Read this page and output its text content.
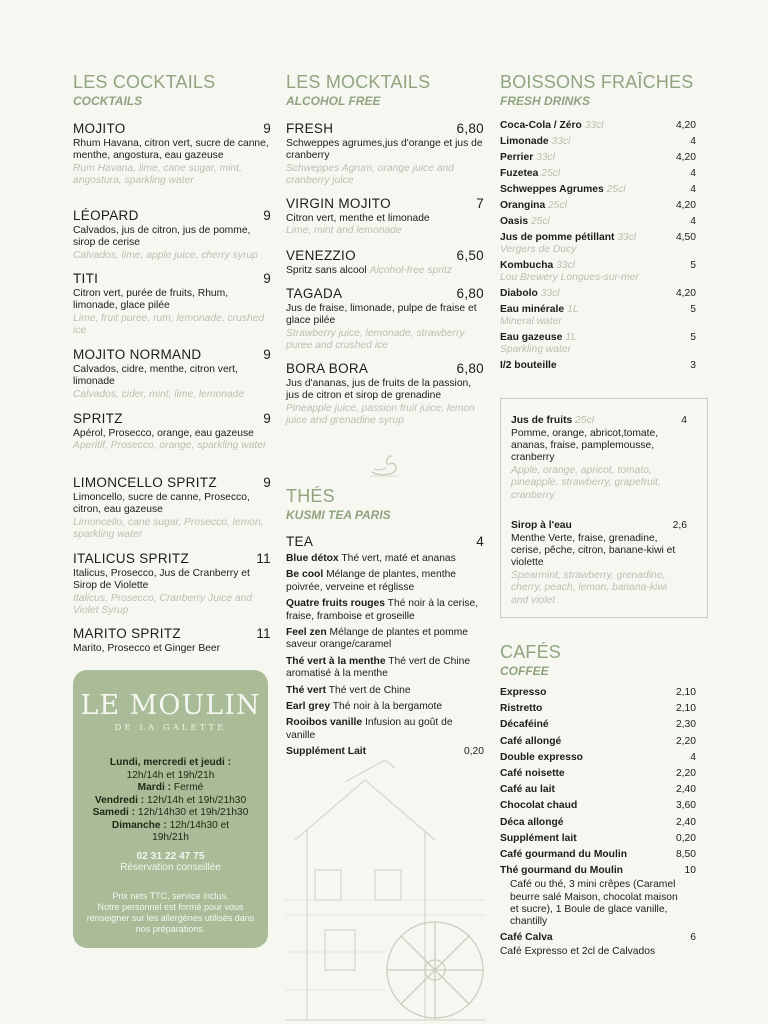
LES COCKTAILS
COCKTAILS
MOJITO	9
Rhum Havana, citron vert, sucre de canne, menthe, angostura, eau gazeuse
Rum Havana, lime, cane sugar, mint, angostura, sparkling water
LÉOPARD	9
Calvados, jus de citron, jus de pomme, sirop de cerise
Calvados, lime, apple juice, cherry syrup
TITI	9
Citron vert, purée de fruits, Rhum, limonade, glace pilée
Lime, fruit puree, rum, lemonade, crushed ice
MOJITO NORMAND	9
Calvados, cidre, menthe, citron vert, limonade
Calvados, cider, mint, lime, lemonade
SPRITZ	9
Apérol, Prosecco, orange, eau gazeuse
Aperitif, Prosecco, orange, sparkling water
LIMONCELLO SPRITZ	9
Limoncello, sucre de canne, Prosecco, citron, eau gazeuse
Limoncello, cane sugar, Prosecco, lemon, sparkling water
ITALICUS SPRITZ	11
Italicus, Prosecco, Jus de Cranberry et Sirop de Violette
Italicus, Prosecco, Cranberry Juice and Violet Syrup
MARITO SPRITZ	11
Marito, Prosecco et Ginger Beer
LES MOCKTAILS
ALCOHOL FREE
FRESH	6,80
Schweppes agrumes,jus d'orange et jus de cranberry
Schweppes Agrum, orange juice and cranberry juice
VIRGIN MOJITO	7
Citron vert, menthe et limonade
Lime, mint and lemonade
VENEZZIO	6,50
Spritz sans alcool Alcohol-free spritz
TAGADA	6,80
Jus de fraise, limonade, pulpe de fraise et glace pilée
Strawberry juice, lemonade, strawberry puree and crushed ice
BORA BORA	6,80
Jus d'ananas, jus de fruits de la passion, jus de citron et sirop de grenadine
Pineapple juice, passion fruit juice, lemon juice and grenadine syrup
THÉS
KUSMI TEA PARIS
TEA	4
Blue détox Thé vert, maté et ananas
Be cool Mélange de plantes, menthe poivrée, verveine et réglisse
Quatre fruits rouges Thé noir à la cerise, fraise, framboise et groseille
Feel zen Mélange de plantes et pomme saveur orange/caramel
Thé vert à la menthe Thé vert de Chine aromatisé à la menthe
Thé vert Thé vert de Chine
Earl grey Thé noir à la bergamote
Rooibos vanille Infusion au goût de vanille
Supplément Lait	0,20
BOISSONS FRAÎCHES
FRESH DRINKS
Coca-Cola / Zéro 33cl	4,20
Limonade 33cl	4
Perrier 33cl	4,20
Fuzetea 25cl	4
Schweppes Agrumes 25cl	4
Orangina 25cl	4,20
Oasis 25cl	4
Jus de pomme pétillant 33cl	4,50
Vergers de Ducy
Kombucha 33cl	5
Lou Brewery Longues-sur-mer
Diabolo 33cl	4,20
Eau minérale 1L	5
Mineral water
Eau gazeuse 1L	5
Sparkling water
I/2 bouteille	3
Jus de fruits 25cl	4
Pomme, orange, abricot,tomate, ananas, fraise, pamplemousse, cranberry
Apple, orange, apricot, tomato, pineapple, strawberry, grapefruit, cranberry
Sirop à l'eau	2,6
Menthe Verte, fraise, grenadine, cerise, pêche, citron, banane-kiwi et violette
Spearmint, strawberry, grenadine, cherry, peach, lemon, banana-kiwi and violet
CAFÉS
COFFEE
Expresso	2,10
Ristretto	2,10
Décaféiné	2,30
Café allongé	2,20
Double expresso	4
Café noisette	2,20
Café au lait	2,40
Chocolat chaud	3,60
Déca allongé	2,40
Supplément lait	0,20
Café gourmand du Moulin	8,50
Thé gourmand du Moulin	10
Café ou thé, 3 mini crêpes (Caramel beurre salé Maison, chocolat maison et sucre), 1 Boule de glace vanille, chantilly
Café Calva	6
Café Expresso et 2cl de Calvados
LE MOULIN
DE LA GALETTE
Lundi, mercredi et jeudi :
12h/14h et 19h/21h
Mardi : Fermé
Vendredi : 12h/14h et 19h/21h30
Samedi : 12h/14h30 et 19h/21h30
Dimanche : 12h/14h30 et 19h/21h
02 31 22 47 75
Réservation conseillée
Prix nets TTC, service inclus.
Notre personnel est formé pour vous renseigner sur les allergènes utilisés dans nos préparations.
